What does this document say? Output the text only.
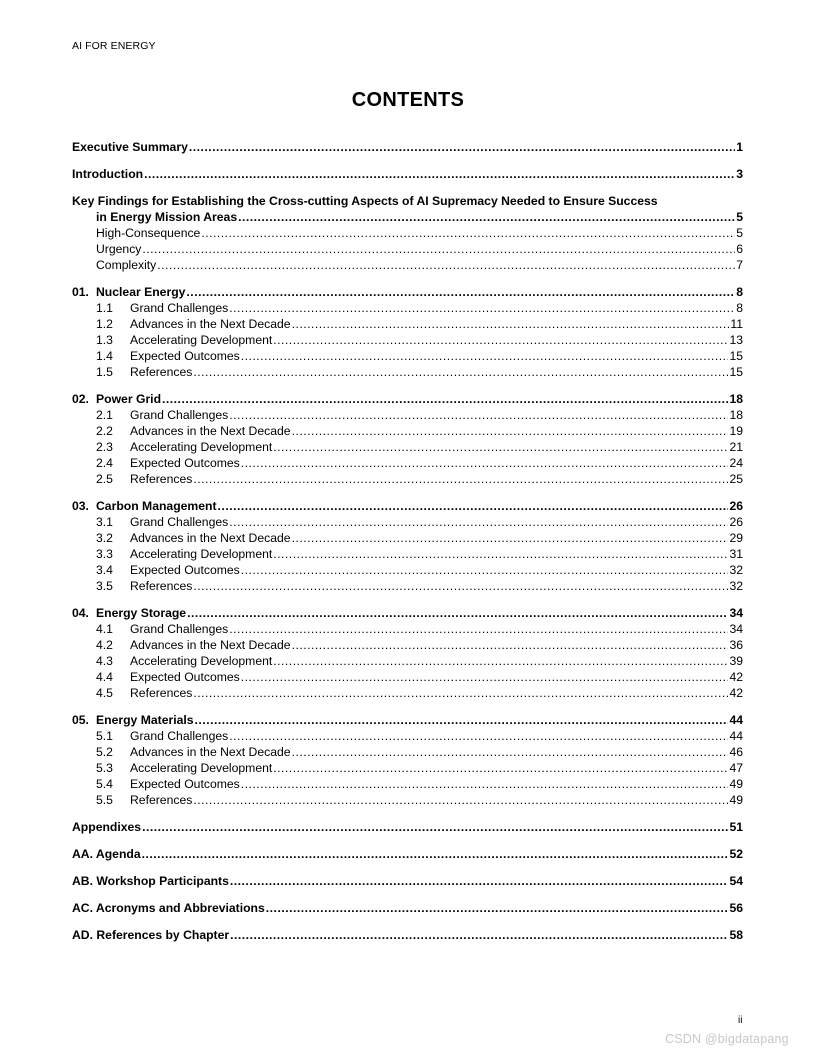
AI FOR ENERGY
CONTENTS
Executive Summary .....	1
Introduction .....	3
Key Findings for Establishing the Cross-cutting Aspects of AI Supremacy Needed to Ensure Success
in Energy Mission Areas .....	5
High-Consequence .....	5
Urgency .....	6
Complexity .....	7
01. Nuclear Energy .....	8
1.1 Grand Challenges .....	8
1.2 Advances in the Next Decade .....	11
1.3 Accelerating Development .....	13
1.4 Expected Outcomes .....	15
1.5 References .....	15
02. Power Grid .....	18
2.1 Grand Challenges .....	18
2.2 Advances in the Next Decade .....	19
2.3 Accelerating Development .....	21
2.4 Expected Outcomes .....	24
2.5 References .....	25
03. Carbon Management .....	26
3.1 Grand Challenges .....	26
3.2 Advances in the Next Decade .....	29
3.3 Accelerating Development .....	31
3.4 Expected Outcomes .....	32
3.5 References .....	32
04. Energy Storage .....	34
4.1 Grand Challenges .....	34
4.2 Advances in the Next Decade .....	36
4.3 Accelerating Development .....	39
4.4 Expected Outcomes .....	42
4.5 References .....	42
05. Energy Materials .....	44
5.1 Grand Challenges .....	44
5.2 Advances in the Next Decade .....	46
5.3 Accelerating Development .....	47
5.4 Expected Outcomes .....	49
5.5 References .....	49
Appendixes .....	51
AA. Agenda .....	52
AB. Workshop Participants .....	54
AC. Acronyms and Abbreviations .....	56
AD. References by Chapter .....	58
ii
CSDN @bigdatapang
